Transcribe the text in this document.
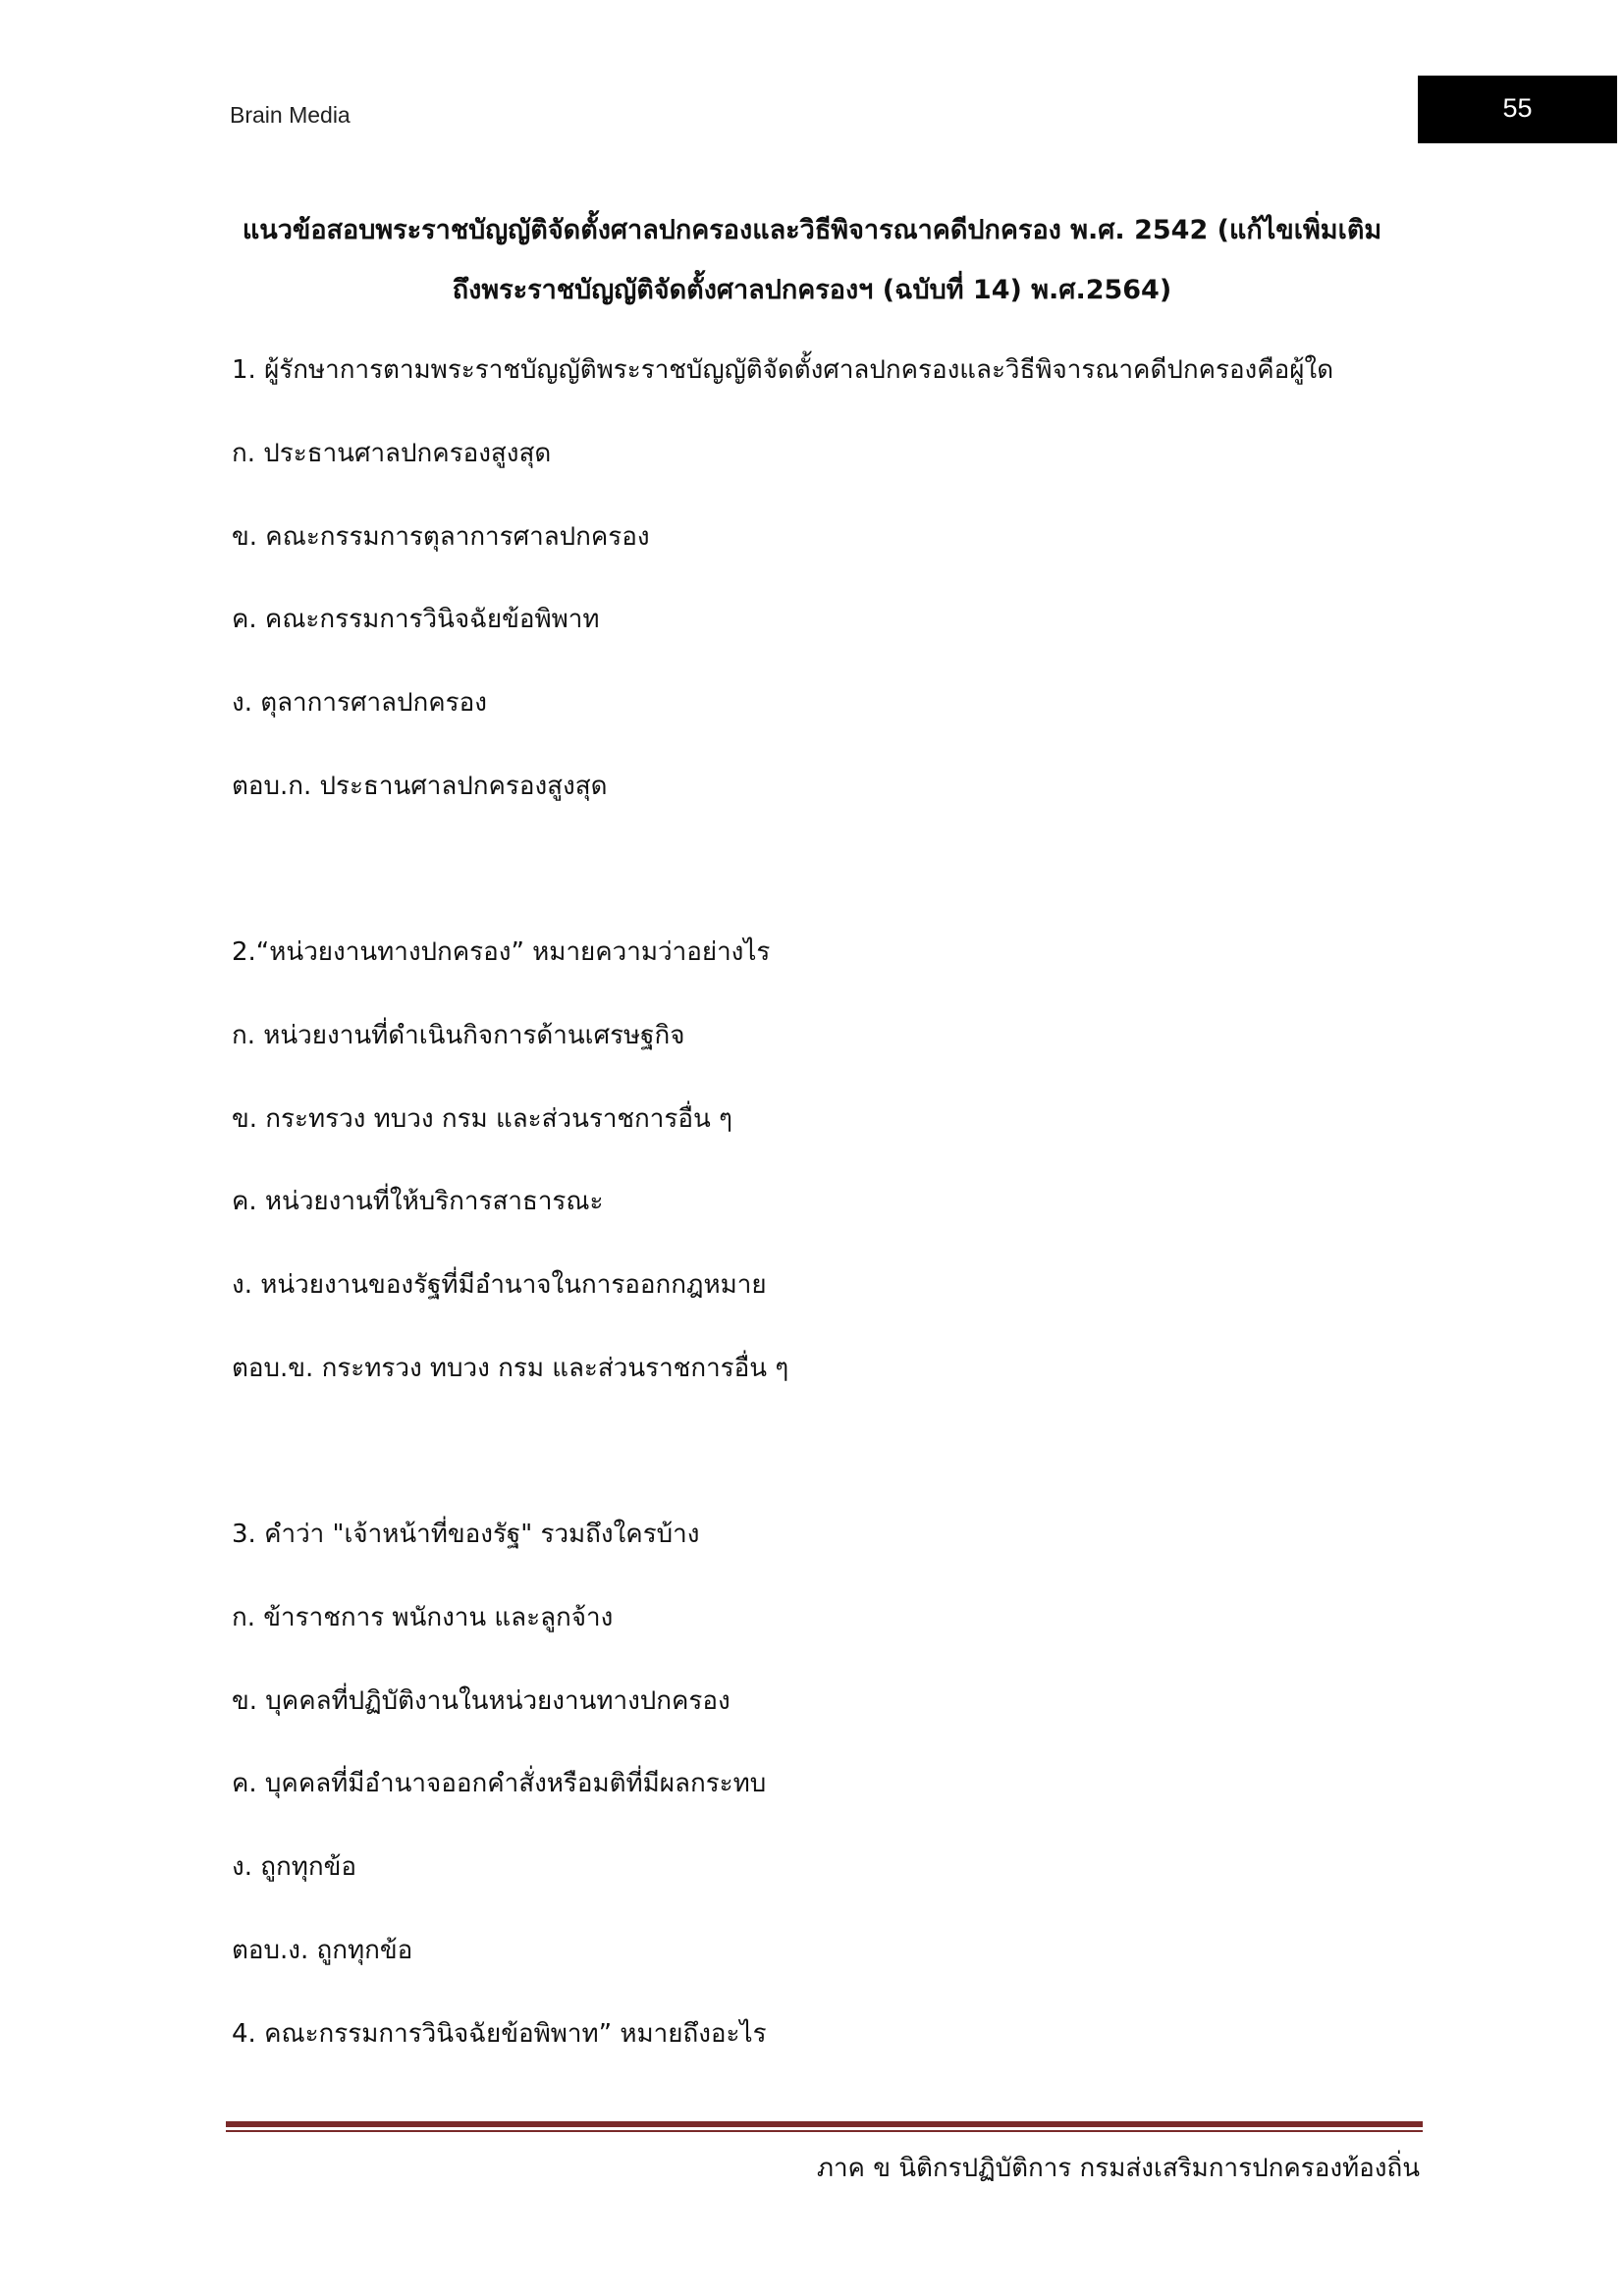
Brain Media	55
แนวข้อสอบพระราชบัญญัติจัดตั้งศาลปกครองและวิธีพิจารณาคดีปกครอง พ.ศ. 2542 (แก้ไขเพิ่มเติม
ถึงพระราชบัญญัติจัดตั้งศาลปกครองฯ (ฉบับที่ 14) พ.ศ.2564)
1. ผู้รักษาการตามพระราชบัญญัติพระราชบัญญัติจัดตั้งศาลปกครองและวิธีพิจารณาคดีปกครองคือผู้ใด
ก. ประธานศาลปกครองสูงสุด
ข. คณะกรรมการตุลาการศาลปกครอง
ค. คณะกรรมการวินิจฉัยข้อพิพาท
ง. ตุลาการศาลปกครอง
ตอบ.ก. ประธานศาลปกครองสูงสุด
2.“หน่วยงานทางปกครอง” หมายความว่าอย่างไร
ก. หน่วยงานที่ดำเนินกิจการด้านเศรษฐกิจ
ข. กระทรวง ทบวง กรม และส่วนราชการอื่น ๆ
ค. หน่วยงานที่ให้บริการสาธารณะ
ง. หน่วยงานของรัฐที่มีอำนาจในการออกกฎหมาย
ตอบ.ข. กระทรวง ทบวง กรม และส่วนราชการอื่น ๆ
3. คำว่า "เจ้าหน้าที่ของรัฐ" รวมถึงใครบ้าง
ก. ข้าราชการ พนักงาน และลูกจ้าง
ข. บุคคลที่ปฏิบัติงานในหน่วยงานทางปกครอง
ค. บุคคลที่มีอำนาจออกคำสั่งหรือมติที่มีผลกระทบ
ง. ถูกทุกข้อ
ตอบ.ง. ถูกทุกข้อ
4. คณะกรรมการวินิจฉัยข้อพิพาท” หมายถึงอะไร
ภาค ข นิติกรปฏิบัติการ กรมส่งเสริมการปกครองท้องถิ่น
